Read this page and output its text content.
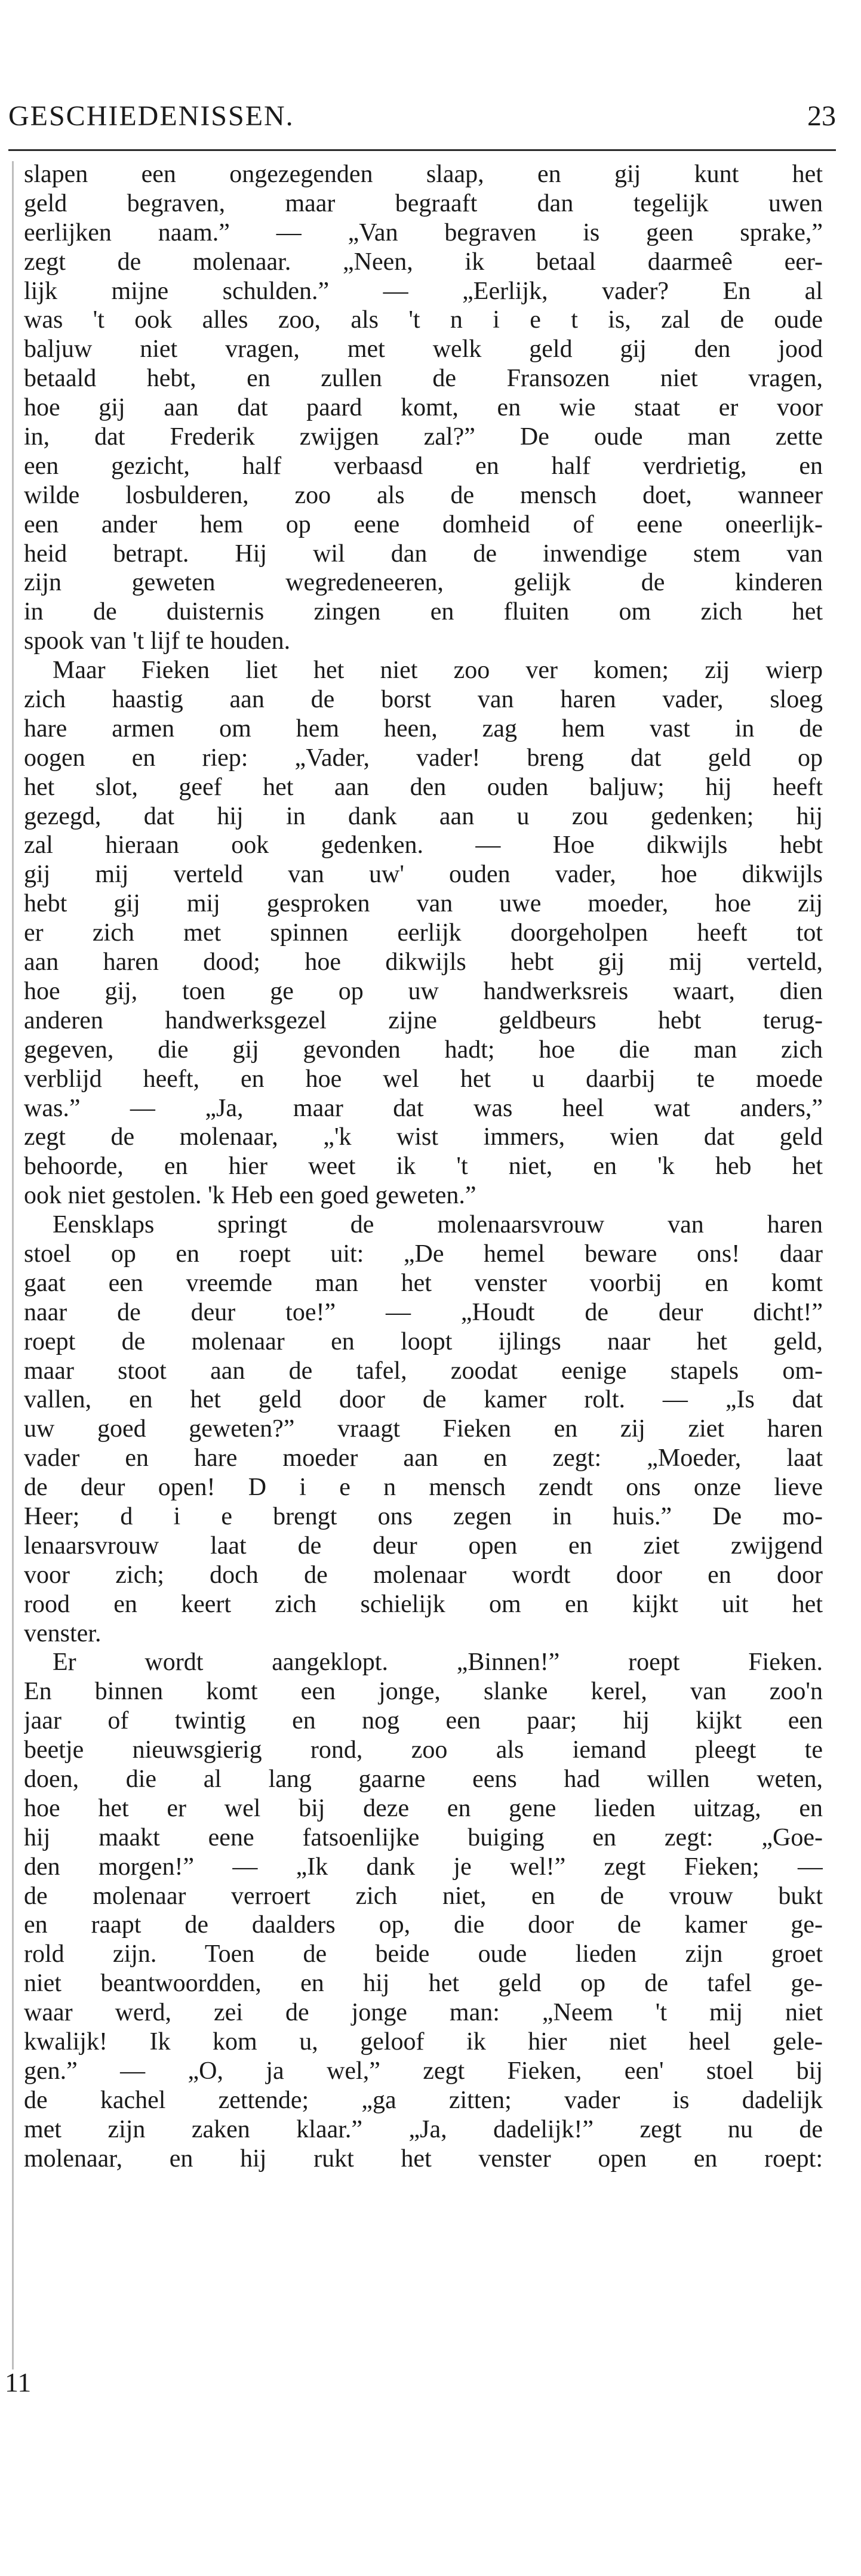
GESCHIEDENISSEN.	23
slapen een ongezegenden slaap, en gij kunt het
geld begraven, maar begraaft dan tegelijk uwen
eerlijken naam.” — „Van begraven is geen sprake,”
zegt de molenaar. „Neen, ik betaal daarmeê eer-
lijk mijne schulden.” — „Eerlijk, vader? En al
was 't ook alles zoo, als 't n i e t is, zal de oude
baljuw niet vragen, met welk geld gij den jood
betaald hebt, en zullen de Fransozen niet vragen,
hoe gij aan dat paard komt, en wie staat er voor
in, dat Frederik zwijgen zal?” De oude man zette
een gezicht, half verbaasd en half verdrietig, en
wilde losbulderen, zoo als de mensch doet, wanneer
een ander hem op eene domheid of eene oneerlijk-
heid betrapt. Hij wil dan de inwendige stem van
zijn geweten wegredeneeren, gelijk de kinderen
in de duisternis zingen en fluiten om zich het
spook van 't lijf te houden.
Maar Fieken liet het niet zoo ver komen; zij wierp
zich haastig aan de borst van haren vader, sloeg
hare armen om hem heen, zag hem vast in de
oogen en riep: „Vader, vader! breng dat geld op
het slot, geef het aan den ouden baljuw; hij heeft
gezegd, dat hij in dank aan u zou gedenken; hij
zal hieraan ook gedenken. — Hoe dikwijls hebt
gij mij verteld van uw' ouden vader, hoe dikwijls
hebt gij mij gesproken van uwe moeder, hoe zij
er zich met spinnen eerlijk doorgeholpen heeft tot
aan haren dood; hoe dikwijls hebt gij mij verteld,
hoe gij, toen ge op uw handwerksreis waart, dien
anderen handwerksgezel zijne geldbeurs hebt terug-
gegeven, die gij gevonden hadt; hoe die man zich
verblijd heeft, en hoe wel het u daarbij te moede
was.” — „Ja, maar dat was heel wat anders,”
zegt de molenaar, „'k wist immers, wien dat geld
behoorde, en hier weet ik 't niet, en 'k heb het
ook niet gestolen. 'k Heb een goed geweten.”
Eensklaps springt de molenaarsvrouw van haren
stoel op en roept uit: „De hemel beware ons! daar
gaat een vreemde man het venster voorbij en komt
naar de deur toe!” — „Houdt de deur dicht!”
roept de molenaar en loopt ijlings naar het geld,
maar stoot aan de tafel, zoodat eenige stapels om-
vallen, en het geld door de kamer rolt. — „Is dat
uw goed geweten?” vraagt Fieken en zij ziet haren
vader en hare moeder aan en zegt: „Moeder, laat
de deur open! D i e n mensch zendt ons onze lieve
Heer; d i e brengt ons zegen in huis.” De mo-
lenaarsvrouw laat de deur open en ziet zwijgend
voor zich; doch de molenaar wordt door en door
rood en keert zich schielijk om en kijkt uit het
venster.
Er wordt aangeklopt. „Binnen!” roept Fieken.
En binnen komt een jonge, slanke kerel, van zoo'n
jaar of twintig en nog een paar; hij kijkt een
beetje nieuwsgierig rond, zoo als iemand pleegt te
doen, die al lang gaarne eens had willen weten,
hoe het er wel bij deze en gene lieden uitzag, en
hij maakt eene fatsoenlijke buiging en zegt: „Goe-
den morgen!” — „Ik dank je wel!” zegt Fieken; —
de molenaar verroert zich niet, en de vrouw bukt
en raapt de daalders op, die door de kamer ge-
rold zijn. Toen de beide oude lieden zijn groet
niet beantwoordden, en hij het geld op de tafel ge-
waar werd, zei de jonge man: „Neem 't mij niet
kwalijk! Ik kom u, geloof ik hier niet heel gele-
gen.” — „O, ja wel,” zegt Fieken, een' stoel bij
de kachel zettende; „ga zitten; vader is dadelijk
met zijn zaken klaar.” „Ja, dadelijk!” zegt nu de
molenaar, en hij rukt het venster open en roept:
11
